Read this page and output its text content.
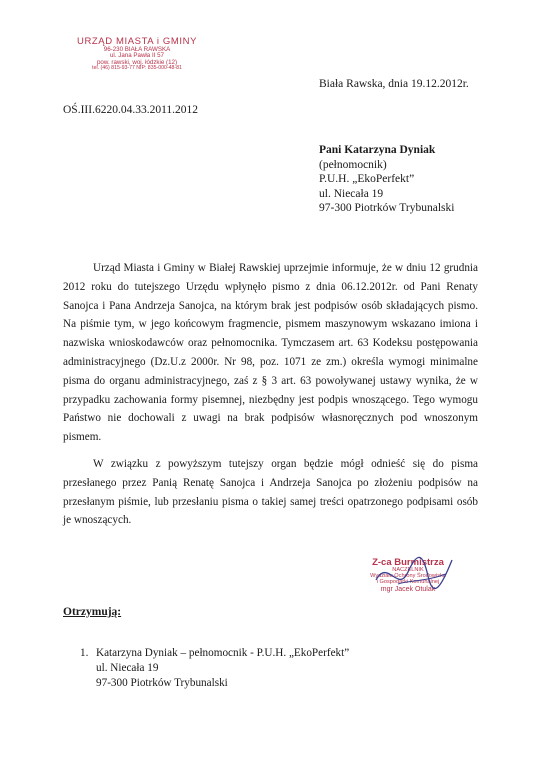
URZĄD MIASTA i GMINY
96-230 BIAŁA RAWSKA
ul. Jana Pawła II 57
pow. rawski, woj. łódzkie (12)
tel. (46) 815-93-77 NIP: 835-000-48-81
Biała Rawska, dnia 19.12.2012r.
OŚ.III.6220.04.33.2011.2012
Pani Katarzyna Dyniak
(pełnomocnik)
P.U.H. „EkoPerfekt”
ul. Niecała 19
97-300 Piotrków Trybunalski

Urząd Miasta i Gminy w Białej Rawskiej uprzejmie informuje, że w dniu 12 grudnia 2012 roku do tutejszego Urzędu wpłynęło pismo z dnia 06.12.2012r. od Pani Renaty Sanojca i Pana Andrzeja Sanojca, na którym brak jest podpisów osób składających pismo. Na piśmie tym, w jego końcowym fragmencie, pismem maszynowym wskazano imiona i nazwiska wnioskodawców oraz pełnomocnika. Tymczasem art. 63 Kodeksu postępowania administracyjnego (Dz.U.z 2000r. Nr 98, poz. 1071 ze zm.) określa wymogi minimalne pisma do organu administracyjnego, zaś z § 3 art. 63 powoływanej ustawy wynika, że w przypadku zachowania formy pisemnej, niezbędny jest podpis wnoszącego. Tego wymogu Państwo nie dochowali z uwagi na brak podpisów własnoręcznych pod wnoszonym pismem.

W związku z powyższym tutejszy organ będzie mógł odnieść się do pisma przesłanego przez Panią Renatę Sanojca i Andrzeja Sanojca po złożeniu podpisów na przesłanym piśmie, lub przesłaniu pisma o takiej samej treści opatrzonego podpisami osób je wnoszących.

Z-ca Burmistrza
NACZELNIK
Wydziału Ochrony Środowiska
i Gospodarki Komunalnej
mgr Jacek Otulak
Otrzymują:
1. Katarzyna Dyniak – pełnomocnik - P.U.H. „EkoPerfekt”
ul. Niecała 19
97-300 Piotrków Trybunalski
